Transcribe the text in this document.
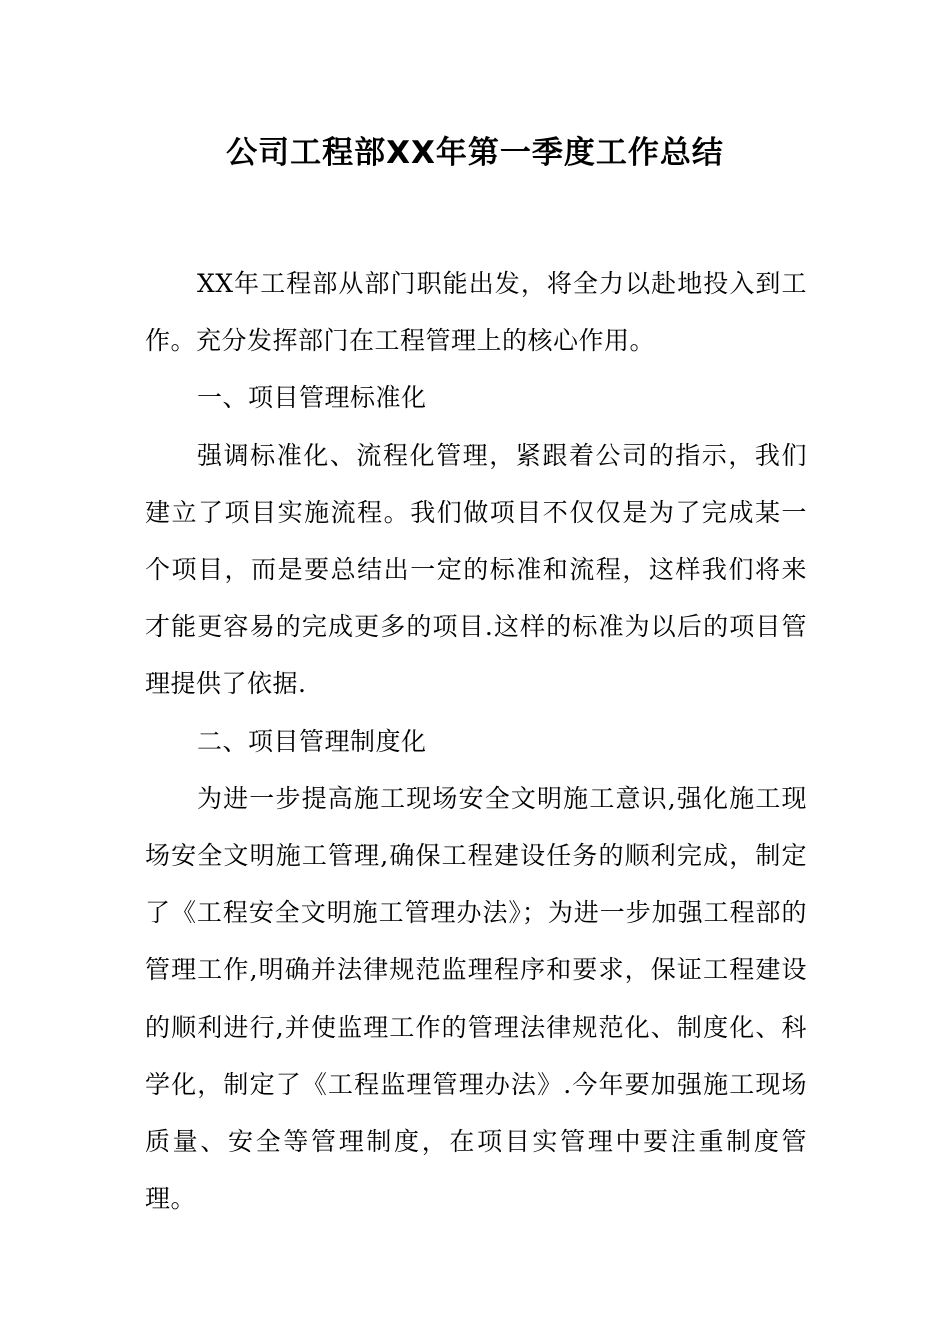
公司工程部XX年第一季度工作总结

XX年工程部从部门职能出发，将全力以赴地投入到工作。充分发挥部门在工程管理上的核心作用。

一、项目管理标准化

强调标准化、流程化管理，紧跟着公司的指示，我们建立了项目实施流程。我们做项目不仅仅是为了完成某一个项目，而是要总结出一定的标准和流程，这样我们将来才能更容易的完成更多的项目.这样的标准为以后的项目管理提供了依据.

二、项目管理制度化

为进一步提高施工现场安全文明施工意识,强化施工现场安全文明施工管理,确保工程建设任务的顺利完成，制定了《工程安全文明施工管理办法》；为进一步加强工程部的管理工作,明确并法律规范监理程序和要求，保证工程建设的顺利进行,并使监理工作的管理法律规范化、制度化、科学化，制定了《工程监理管理办法》.今年要加强施工现场质量、安全等管理制度，在项目实管理中要注重制度管理。
